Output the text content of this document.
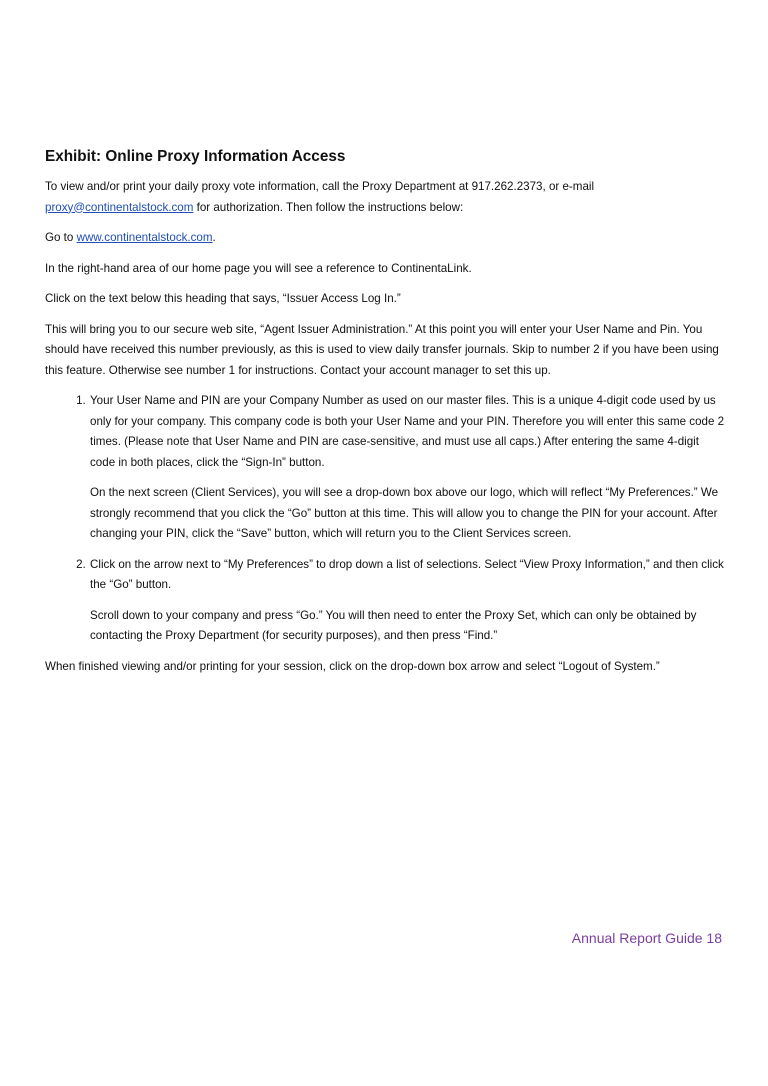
Exhibit: Online Proxy Information Access

To view and/or print your daily proxy vote information, call the Proxy Department at 917.262.2373, or e-mail proxy@continentalstock.com for authorization. Then follow the instructions below:

Go to www.continentalstock.com.

In the right-hand area of our home page you will see a reference to ContinentaLink.

Click on the text below this heading that says, “Issuer Access Log In.”

This will bring you to our secure web site, “Agent Issuer Administration.” At this point you will enter your User Name and Pin. You should have received this number previously, as this is used to view daily transfer journals. Skip to number 2 if you have been using this feature. Otherwise see number 1 for instructions. Contact your account manager to set this up.

1. Your User Name and PIN are your Company Number as used on our master files. This is a unique 4-digit code used by us only for your company. This company code is both your User Name and your PIN. Therefore you will enter this same code 2 times. (Please note that User Name and PIN are case-sensitive, and must use all caps.) After entering the same 4-digit code in both places, click the “Sign-In” button.

On the next screen (Client Services), you will see a drop-down box above our logo, which will reflect “My Preferences.” We strongly recommend that you click the “Go” button at this time. This will allow you to change the PIN for your account. After changing your PIN, click the “Save” button, which will return you to the Client Services screen.

2. Click on the arrow next to “My Preferences” to drop down a list of selections. Select “View Proxy Information,” and then click the “Go” button.

Scroll down to your company and press “Go.” You will then need to enter the Proxy Set, which can only be obtained by contacting the Proxy Department (for security purposes), and then press “Find.”

When finished viewing and/or printing for your session, click on the drop-down box arrow and select “Logout of System.”

Annual Report Guide 18
